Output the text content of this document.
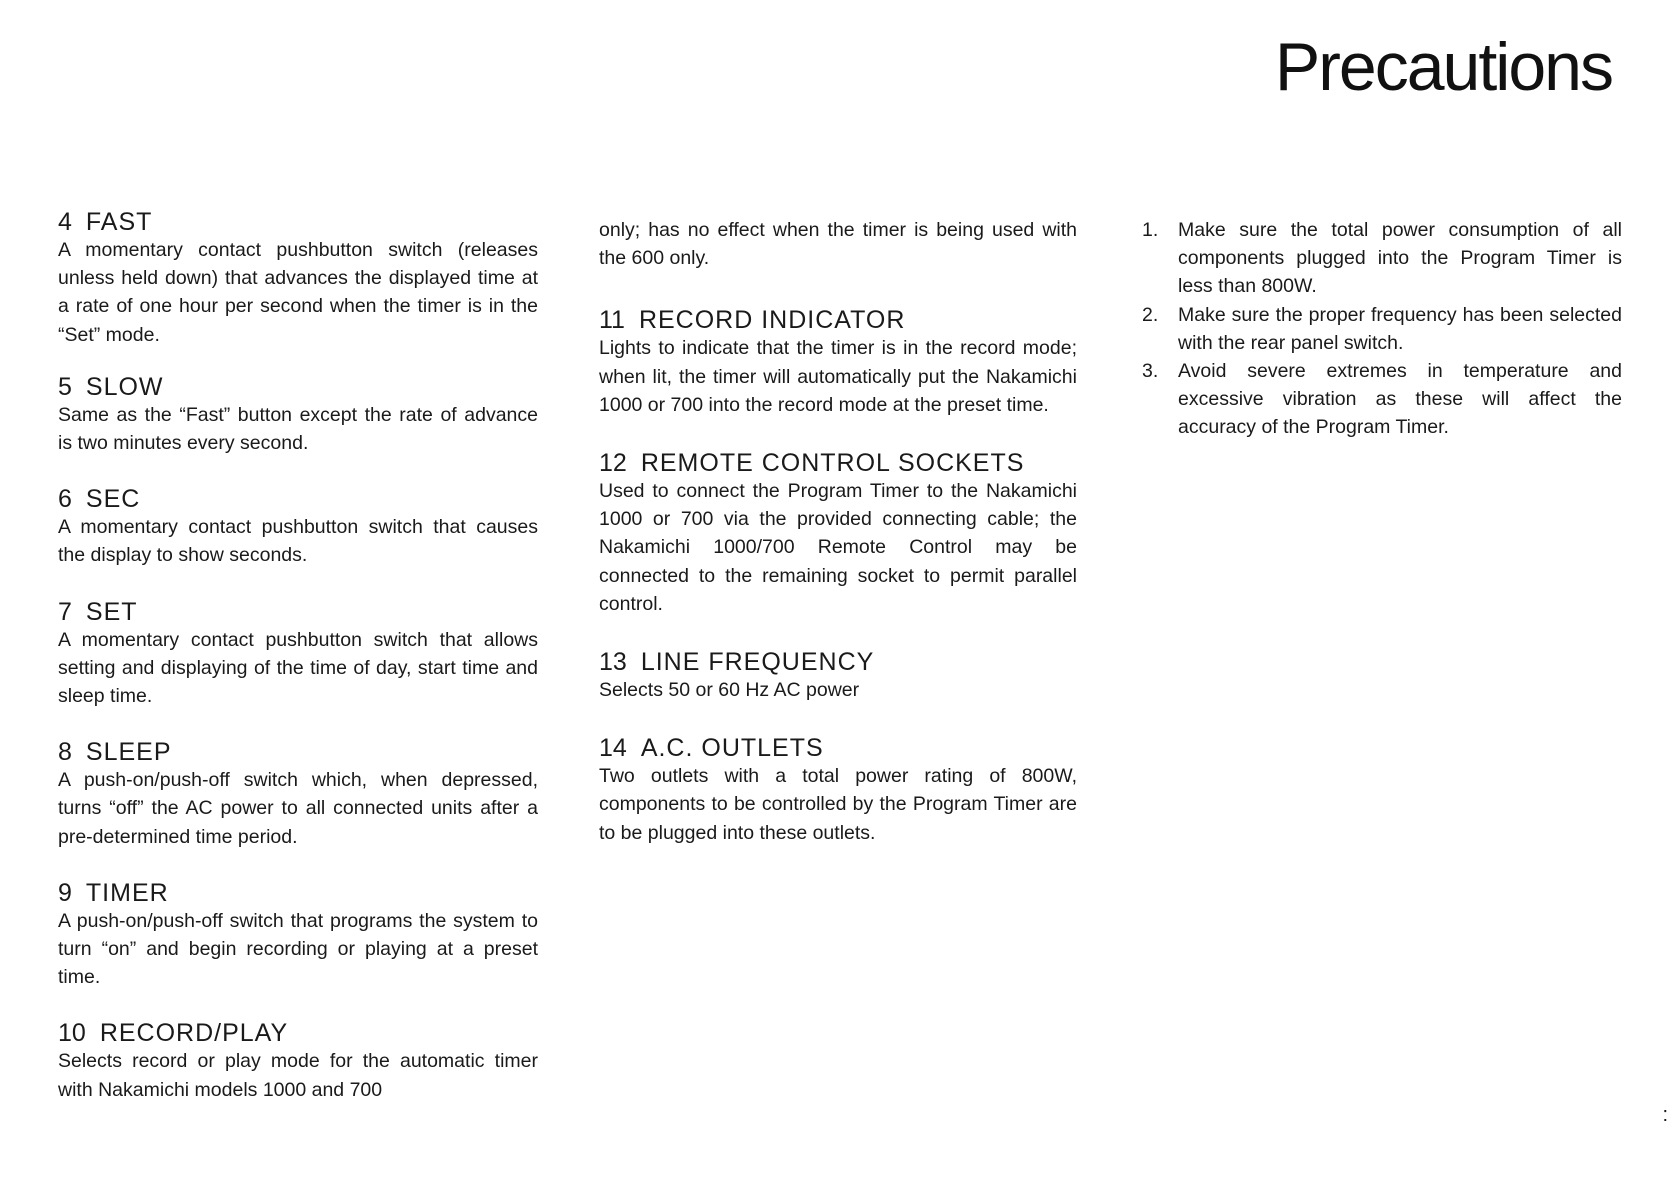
Precautions
4 FAST

A momentary contact pushbutton switch (releases unless held down) that advances the displayed time at a rate of one hour per second when the timer is in the “Set” mode.

5 SLOW

Same as the “Fast” button except the rate of advance is two minutes every second.

6 SEC

A momentary contact pushbutton switch that causes the display to show seconds.

7 SET

A momentary contact pushbutton switch that allows setting and displaying of the time of day, start time and sleep time.

8 SLEEP

A push-on/push-off switch which, when depressed, turns “off” the AC power to all connected units after a pre-determined time period.

9 TIMER

A push-on/push-off switch that programs the system to turn “on” and begin recording or playing at a preset time.

10 RECORD/PLAY

Selects record or play mode for the automatic timer with Nakamichi models 1000 and 700

only; has no effect when the timer is being used with the 600 only.

11 RECORD INDICATOR

Lights to indicate that the timer is in the record mode; when lit, the timer will automatically put the Nakamichi 1000 or 700 into the record mode at the preset time.

12 REMOTE CONTROL SOCKETS

Used to connect the Program Timer to the Nakamichi 1000 or 700 via the provided connecting cable; the Nakamichi 1000/700 Remote Control may be connected to the remaining socket to permit parallel control.

13 LINE FREQUENCY

Selects 50 or 60 Hz AC power

14 A.C. OUTLETS

Two outlets with a total power rating of 800W, components to be controlled by the Program Timer are to be plugged into these outlets.

1.	Make sure the total power consumption of all components plugged into the Program Timer is less than 800W.
2.	Make sure the proper frequency has been selected with the rear panel switch.
3.	Avoid severe extremes in temperature and excessive vibration as these will affect the accuracy of the Program Timer.
:
